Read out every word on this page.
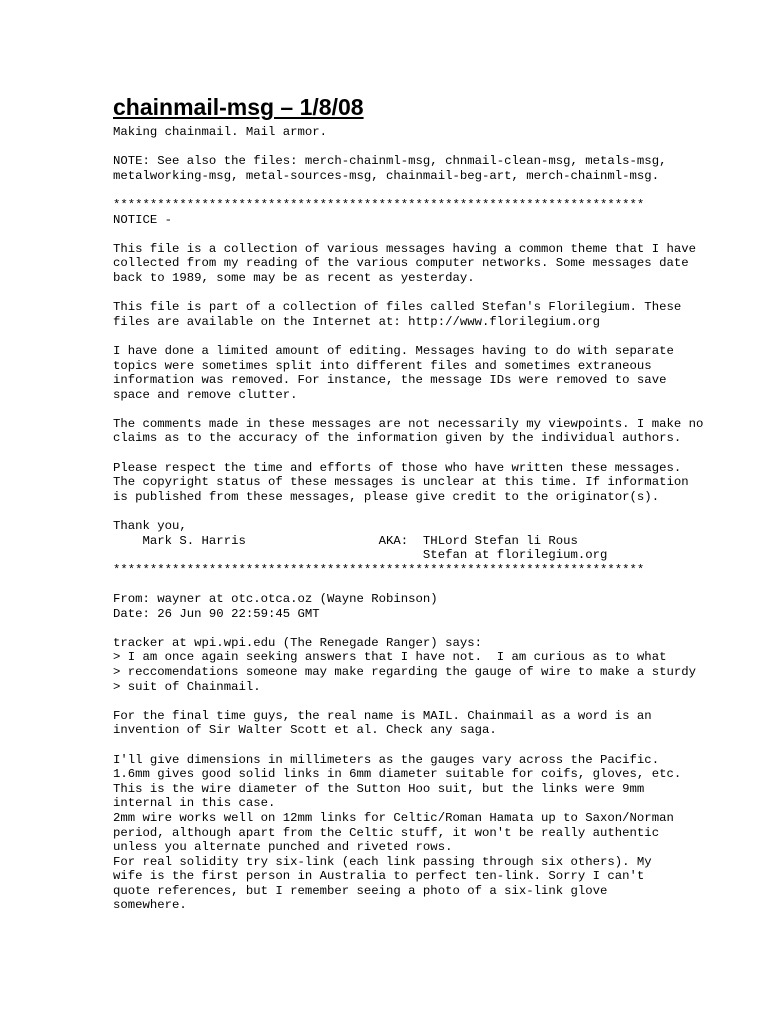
chainmail-msg – 1/8/08
Making chainmail. Mail armor.

NOTE: See also the files: merch-chainml-msg, chnmail-clean-msg, metals-msg,
metalworking-msg, metal-sources-msg, chainmail-beg-art, merch-chainml-msg.

************************************************************************
NOTICE -

This file is a collection of various messages having a common theme that I have
collected from my reading of the various computer networks. Some messages date
back to 1989, some may be as recent as yesterday.

This file is part of a collection of files called Stefan's Florilegium. These
files are available on the Internet at: http://www.florilegium.org

I have done a limited amount of editing. Messages having to do with separate
topics were sometimes split into different files and sometimes extraneous
information was removed. For instance, the message IDs were removed to save
space and remove clutter.

The comments made in these messages are not necessarily my viewpoints. I make no
claims as to the accuracy of the information given by the individual authors.

Please respect the time and efforts of those who have written these messages.
The copyright status of these messages is unclear at this time. If information
is published from these messages, please give credit to the originator(s).

Thank you,
Mark S. Harris                  AKA:  THLord Stefan li Rous
Stefan at florilegium.org
************************************************************************

From: wayner at otc.otca.oz (Wayne Robinson)
Date: 26 Jun 90 22:59:45 GMT

tracker at wpi.wpi.edu (The Renegade Ranger) says:
> I am once again seeking answers that I have not.  I am curious as to what
> reccomendations someone may make regarding the gauge of wire to make a sturdy
> suit of Chainmail.

For the final time guys, the real name is MAIL. Chainmail as a word is an
invention of Sir Walter Scott et al. Check any saga.

I'll give dimensions in millimeters as the gauges vary across the Pacific.
1.6mm gives good solid links in 6mm diameter suitable for coifs, gloves, etc.
This is the wire diameter of the Sutton Hoo suit, but the links were 9mm
internal in this case.
2mm wire works well on 12mm links for Celtic/Roman Hamata up to Saxon/Norman
period, although apart from the Celtic stuff, it won't be really authentic
unless you alternate punched and riveted rows.
For real solidity try six-link (each link passing through six others). My
wife is the first person in Australia to perfect ten-link. Sorry I can't
quote references, but I remember seeing a photo of a six-link glove
somewhere.
